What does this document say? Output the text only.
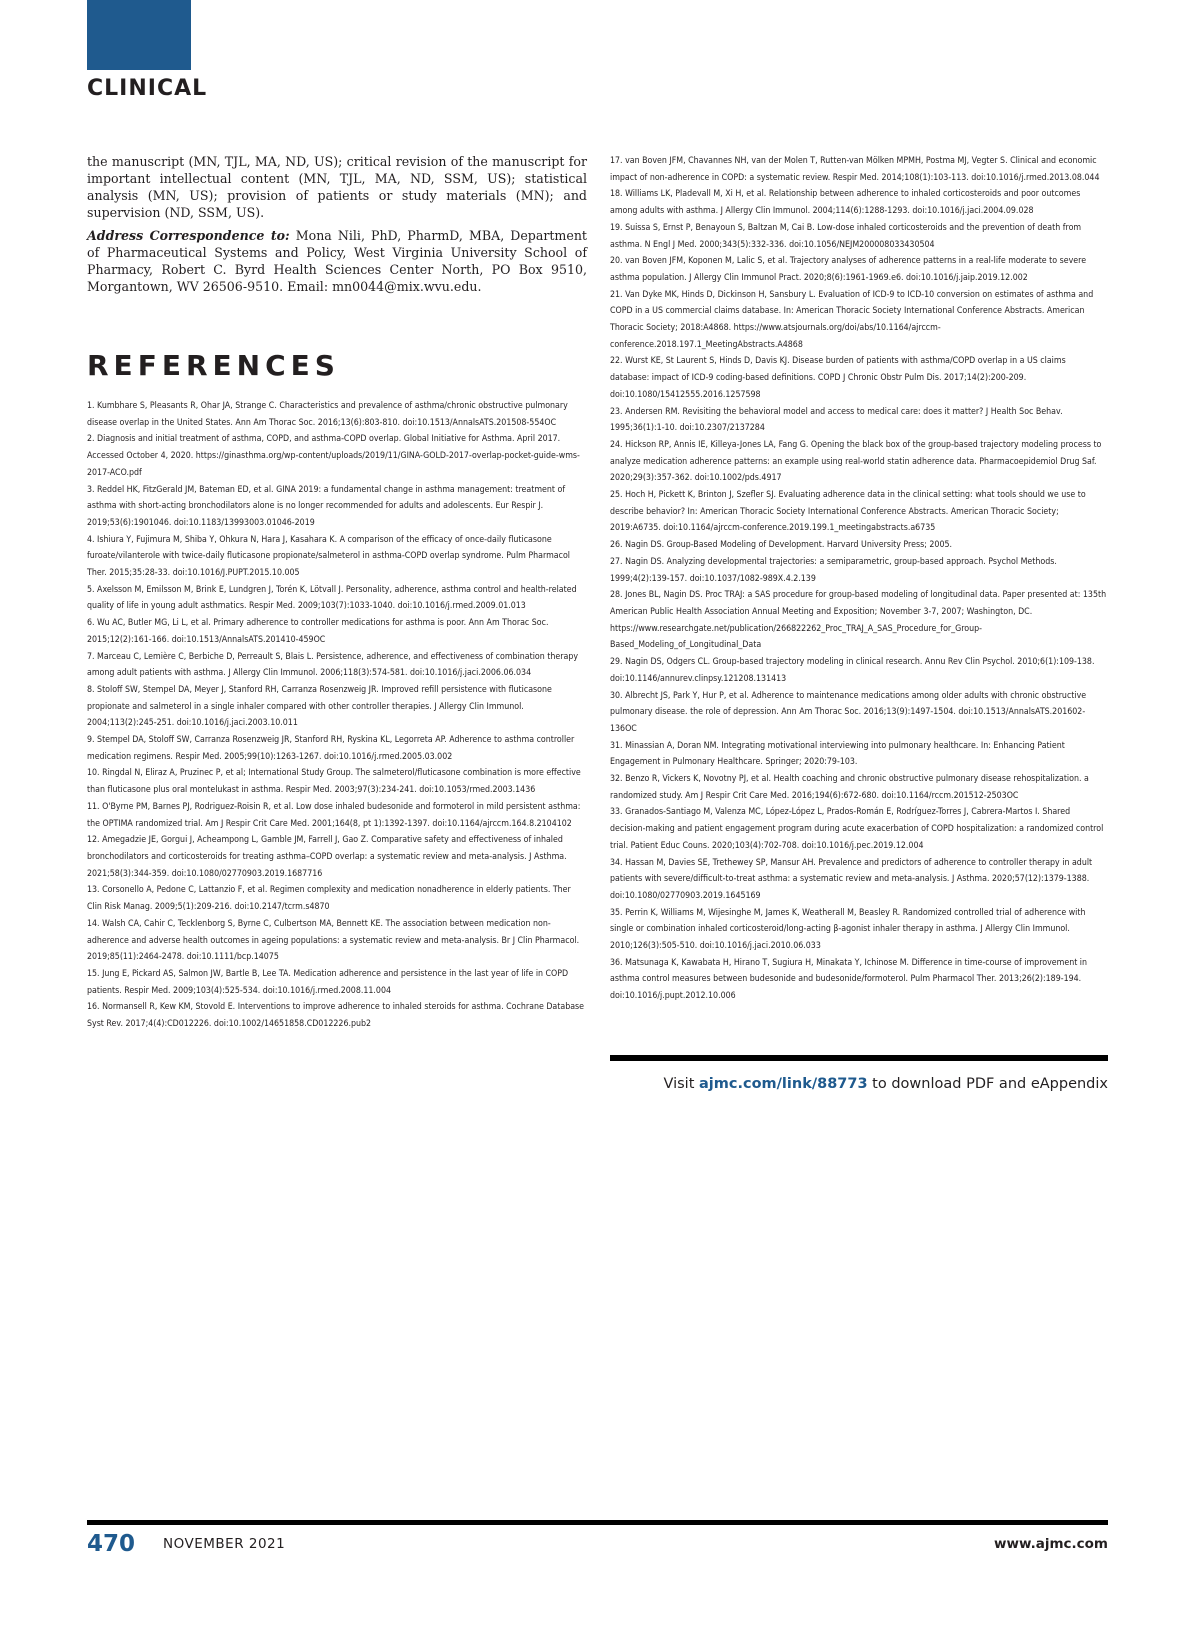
CLINICAL

the manuscript (MN, TJL, MA, ND, US); critical revision of the manuscript for important intellectual content (MN, TJL, MA, ND, SSM, US); statistical analysis (MN, US); provision of patients or study materials (MN); and supervision (ND, SSM, US).

Address Correspondence to: Mona Nili, PhD, PharmD, MBA, Department of Pharmaceutical Systems and Policy, West Virginia University School of Pharmacy, Robert C. Byrd Health Sciences Center North, PO Box 9510, Morgantown, WV 26506-9510. Email: mn0044@mix.wvu.edu.

REFERENCES

1. Kumbhare S, Pleasants R, Ohar JA, Strange C. Characteristics and prevalence of asthma/chronic obstructive pulmonary disease overlap in the United States. Ann Am Thorac Soc. 2016;13(6):803-810. doi:10.1513/AnnalsATS.201508-554OC

2. Diagnosis and initial treatment of asthma, COPD, and asthma-COPD overlap. Global Initiative for Asthma. April 2017. Accessed October 4, 2020. https://ginasthma.org/wp-content/uploads/2019/11/GINA-GOLD-2017-overlap-pocket-guide-wms-2017-ACO.pdf

3. Reddel HK, FitzGerald JM, Bateman ED, et al. GINA 2019: a fundamental change in asthma management: treatment of asthma with short-acting bronchodilators alone is no longer recommended for adults and adolescents. Eur Respir J. 2019;53(6):1901046. doi:10.1183/13993003.01046-2019

4. Ishiura Y, Fujimura M, Shiba Y, Ohkura N, Hara J, Kasahara K. A comparison of the efficacy of once-daily fluticasone furoate/vilanterole with twice-daily fluticasone propionate/salmeterol in asthma-COPD overlap syndrome. Pulm Pharmacol Ther. 2015;35:28-33. doi:10.1016/J.PUPT.2015.10.005

5. Axelsson M, Emilsson M, Brink E, Lundgren J, Torén K, Lötvall J. Personality, adherence, asthma control and health-related quality of life in young adult asthmatics. Respir Med. 2009;103(7):1033-1040. doi:10.1016/j.rmed.2009.01.013

6. Wu AC, Butler MG, Li L, et al. Primary adherence to controller medications for asthma is poor. Ann Am Thorac Soc. 2015;12(2):161-166. doi:10.1513/AnnalsATS.201410-459OC

7. Marceau C, Lemière C, Berbiche D, Perreault S, Blais L. Persistence, adherence, and effectiveness of combination therapy among adult patients with asthma. J Allergy Clin Immunol. 2006;118(3):574-581. doi:10.1016/j.jaci.2006.06.034

8. Stoloff SW, Stempel DA, Meyer J, Stanford RH, Carranza Rosenzweig JR. Improved refill persistence with fluticasone propionate and salmeterol in a single inhaler compared with other controller therapies. J Allergy Clin Immunol. 2004;113(2):245-251. doi:10.1016/j.jaci.2003.10.011

9. Stempel DA, Stoloff SW, Carranza Rosenzweig JR, Stanford RH, Ryskina KL, Legorreta AP. Adherence to asthma controller medication regimens. Respir Med. 2005;99(10):1263-1267. doi:10.1016/j.rmed.2005.03.002

10. Ringdal N, Eliraz A, Pruzinec P, et al; International Study Group. The salmeterol/fluticasone combination is more effective than fluticasone plus oral montelukast in asthma. Respir Med. 2003;97(3):234-241. doi:10.1053/rmed.2003.1436

11. O'Byrne PM, Barnes PJ, Rodriguez-Roisin R, et al. Low dose inhaled budesonide and formoterol in mild persistent asthma: the OPTIMA randomized trial. Am J Respir Crit Care Med. 2001;164(8, pt 1):1392-1397. doi:10.1164/ajrccm.164.8.2104102

12. Amegadzie JE, Gorgui J, Acheampong L, Gamble JM, Farrell J, Gao Z. Comparative safety and effectiveness of inhaled bronchodilators and corticosteroids for treating asthma–COPD overlap: a systematic review and meta-analysis. J Asthma. 2021;58(3):344-359. doi:10.1080/02770903.2019.1687716

13. Corsonello A, Pedone C, Lattanzio F, et al. Regimen complexity and medication nonadherence in elderly patients. Ther Clin Risk Manag. 2009;5(1):209-216. doi:10.2147/tcrm.s4870

14. Walsh CA, Cahir C, Tecklenborg S, Byrne C, Culbertson MA, Bennett KE. The association between medication non-adherence and adverse health outcomes in ageing populations: a systematic review and meta-analysis. Br J Clin Pharmacol. 2019;85(11):2464-2478. doi:10.1111/bcp.14075

15. Jung E, Pickard AS, Salmon JW, Bartle B, Lee TA. Medication adherence and persistence in the last year of life in COPD patients. Respir Med. 2009;103(4):525-534. doi:10.1016/j.rmed.2008.11.004

16. Normansell R, Kew KM, Stovold E. Interventions to improve adherence to inhaled steroids for asthma. Cochrane Database Syst Rev. 2017;4(4):CD012226. doi:10.1002/14651858.CD012226.pub2

17. van Boven JFM, Chavannes NH, van der Molen T, Rutten-van Mölken MPMH, Postma MJ, Vegter S. Clinical and economic impact of non-adherence in COPD: a systematic review. Respir Med. 2014;108(1):103-113. doi:10.1016/j.rmed.2013.08.044

18. Williams LK, Pladevall M, Xi H, et al. Relationship between adherence to inhaled corticosteroids and poor outcomes among adults with asthma. J Allergy Clin Immunol. 2004;114(6):1288-1293. doi:10.1016/j.jaci.2004.09.028

19. Suissa S, Ernst P, Benayoun S, Baltzan M, Cai B. Low-dose inhaled corticosteroids and the prevention of death from asthma. N Engl J Med. 2000;343(5):332-336. doi:10.1056/NEJM200008033430504

20. van Boven JFM, Koponen M, Lalic S, et al. Trajectory analyses of adherence patterns in a real-life moderate to severe asthma population. J Allergy Clin Immunol Pract. 2020;8(6):1961-1969.e6. doi:10.1016/j.jaip.2019.12.002

21. Van Dyke MK, Hinds D, Dickinson H, Sansbury L. Evaluation of ICD-9 to ICD-10 conversion on estimates of asthma and COPD in a US commercial claims database. In: American Thoracic Society International Conference Abstracts. American Thoracic Society; 2018:A4868. https://www.atsjournals.org/doi/abs/10.1164/ajrccm-conference.2018.197.1_MeetingAbstracts.A4868

22. Wurst KE, St Laurent S, Hinds D, Davis KJ. Disease burden of patients with asthma/COPD overlap in a US claims database: impact of ICD-9 coding-based definitions. COPD J Chronic Obstr Pulm Dis. 2017;14(2):200-209. doi:10.1080/15412555.2016.1257598

23. Andersen RM. Revisiting the behavioral model and access to medical care: does it matter? J Health Soc Behav. 1995;36(1):1-10. doi:10.2307/2137284

24. Hickson RP, Annis IE, Killeya-Jones LA, Fang G. Opening the black box of the group-based trajectory modeling process to analyze medication adherence patterns: an example using real-world statin adherence data. Pharmacoepidemiol Drug Saf. 2020;29(3):357-362. doi:10.1002/pds.4917

25. Hoch H, Pickett K, Brinton J, Szefler SJ. Evaluating adherence data in the clinical setting: what tools should we use to describe behavior? In: American Thoracic Society International Conference Abstracts. American Thoracic Society; 2019:A6735. doi:10.1164/ajrccm-conference.2019.199.1_meetingabstracts.a6735

26. Nagin DS. Group-Based Modeling of Development. Harvard University Press; 2005.

27. Nagin DS. Analyzing developmental trajectories: a semiparametric, group-based approach. Psychol Methods. 1999;4(2):139-157. doi:10.1037/1082-989X.4.2.139

28. Jones BL, Nagin DS. Proc TRAJ: a SAS procedure for group-based modeling of longitudinal data. Paper presented at: 135th American Public Health Association Annual Meeting and Exposition; November 3-7, 2007; Washington, DC. https://www.researchgate.net/publication/266822262_Proc_TRAJ_A_SAS_Procedure_for_Group-Based_Modeling_of_Longitudinal_Data

29. Nagin DS, Odgers CL. Group-based trajectory modeling in clinical research. Annu Rev Clin Psychol. 2010;6(1):109-138. doi:10.1146/annurev.clinpsy.121208.131413

30. Albrecht JS, Park Y, Hur P, et al. Adherence to maintenance medications among older adults with chronic obstructive pulmonary disease. the role of depression. Ann Am Thorac Soc. 2016;13(9):1497-1504. doi:10.1513/AnnalsATS.201602-136OC

31. Minassian A, Doran NM. Integrating motivational interviewing into pulmonary healthcare. In: Enhancing Patient Engagement in Pulmonary Healthcare. Springer; 2020:79-103.

32. Benzo R, Vickers K, Novotny PJ, et al. Health coaching and chronic obstructive pulmonary disease rehospitalization. a randomized study. Am J Respir Crit Care Med. 2016;194(6):672-680. doi:10.1164/rccm.201512-2503OC

33. Granados-Santiago M, Valenza MC, López-López L, Prados-Román E, Rodríguez-Torres J, Cabrera-Martos I. Shared decision-making and patient engagement program during acute exacerbation of COPD hospitalization: a randomized control trial. Patient Educ Couns. 2020;103(4):702-708. doi:10.1016/j.pec.2019.12.004

34. Hassan M, Davies SE, Trethewey SP, Mansur AH. Prevalence and predictors of adherence to controller therapy in adult patients with severe/difficult-to-treat asthma: a systematic review and meta-analysis. J Asthma. 2020;57(12):1379-1388. doi:10.1080/02770903.2019.1645169

35. Perrin K, Williams M, Wijesinghe M, James K, Weatherall M, Beasley R. Randomized controlled trial of adherence with single or combination inhaled corticosteroid/long-acting β-agonist inhaler therapy in asthma. J Allergy Clin Immunol. 2010;126(3):505-510. doi:10.1016/j.jaci.2010.06.033

36. Matsunaga K, Kawabata H, Hirano T, Sugiura H, Minakata Y, Ichinose M. Difference in time-course of improvement in asthma control measures between budesonide and budesonide/formoterol. Pulm Pharmacol Ther. 2013;26(2):189-194. doi:10.1016/j.pupt.2012.10.006

Visit ajmc.com/link/88773 to download PDF and eAppendix
470 NOVEMBER 2021	www.ajmc.com
